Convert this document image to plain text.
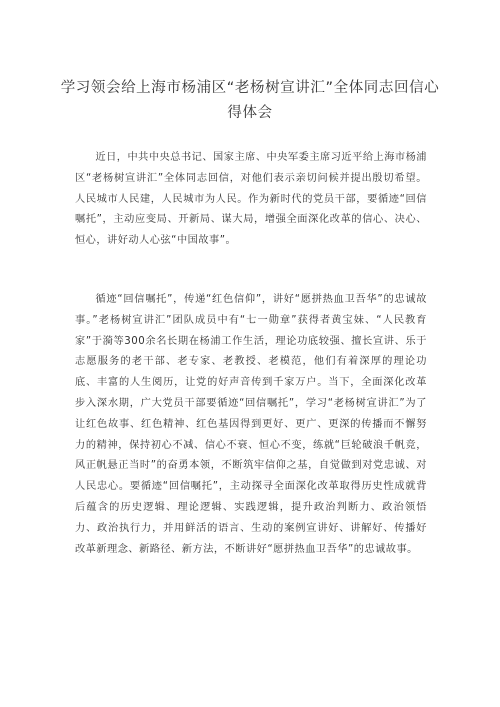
学习领会给上海市杨浦区“老杨树宣讲汇”全体同志回信心得体会

近日，中共中央总书记、国家主席、中央军委主席习近平给上海市杨浦区“老杨树宣讲汇”全体同志回信，对他们表示亲切问候并提出殷切希望。人民城市人民建，人民城市为人民。作为新时代的党员干部，要循迹“回信嘱托”，主动应变局、开新局、谋大局，增强全面深化改革的信心、决心、恒心，讲好动人心弦“中国故事”。

循迹“回信嘱托”，传递“红色信仰”，讲好“愿拼热血卫吾华”的忠诚故事。”老杨树宣讲汇”团队成员中有“七一勋章”获得者黄宝妹、“人民教育家”于漪等300余名长期在杨浦工作生活，理论功底较强、擅长宣讲、乐于志愿服务的老干部、老专家、老教授、老模范，他们有着深厚的理论功底、丰富的人生阅历，让党的好声音传到千家万户。当下，全面深化改革步入深水期，广大党员干部要循迹“回信嘱托”，学习“老杨树宣讲汇”为了让红色故事、红色精神、红色基因得到更好、更广、更深的传播而不懈努力的精神，保持初心不减、信心不衰、恒心不变，练就“巨轮破浪千帆竞，风正帆悬正当时”的奋勇本领，不断筑牢信仰之基，自觉做到对党忠诚、对人民忠心。要循迹“回信嘱托”，主动探寻全面深化改革取得历史性成就背后蕴含的历史逻辑、理论逻辑、实践逻辑，提升政治判断力、政治领悟力、政治执行力，并用鲜活的语言、生动的案例宣讲好、讲解好、传播好改革新理念、新路径、新方法，不断讲好“愿拼热血卫吾华”的忠诚故事。
